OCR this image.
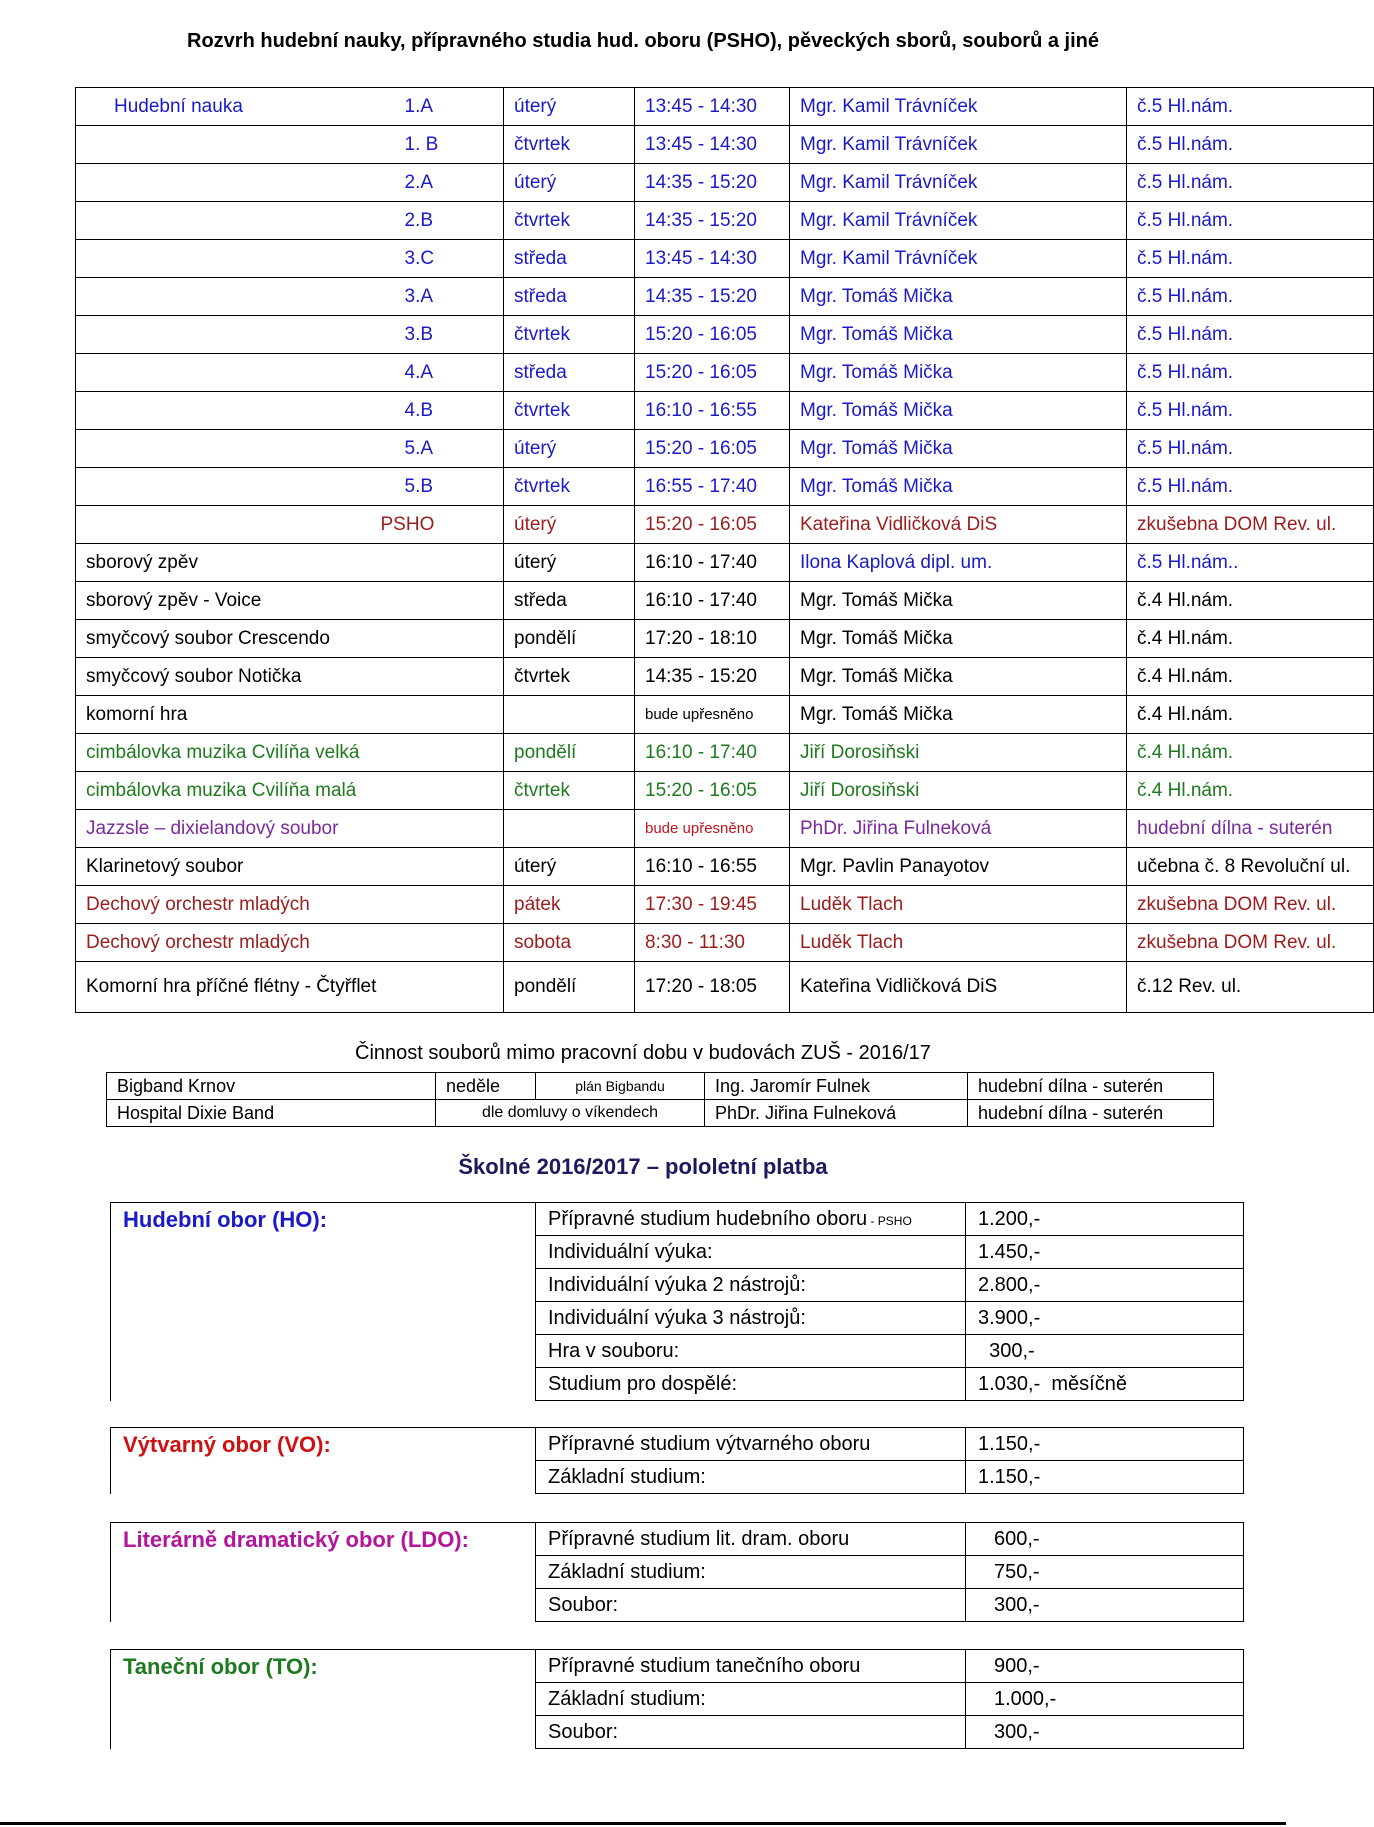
Rozvrh hudební nauky, přípravného studia hud. oboru (PSHO), pěveckých sborů, souborů a jiné
Hudební nauka	1.A	úterý	13:45 - 14:30	Mgr. Kamil Trávníček	č.5 Hl.nám.
	1. B	čtvrtek	13:45 - 14:30	Mgr. Kamil Trávníček	č.5 Hl.nám.
	2.A	úterý	14:35 - 15:20	Mgr. Kamil Trávníček	č.5 Hl.nám.
	2.B	čtvrtek	14:35 - 15:20	Mgr. Kamil Trávníček	č.5 Hl.nám.
	3.C	středa	13:45 - 14:30	Mgr. Kamil Trávníček	č.5 Hl.nám.
	3.A	středa	14:35 - 15:20	Mgr. Tomáš Mička	č.5 Hl.nám.
	3.B	čtvrtek	15:20 - 16:05	Mgr. Tomáš Mička	č.5 Hl.nám.
	4.A	středa	15:20 - 16:05	Mgr. Tomáš Mička	č.5 Hl.nám.
	4.B	čtvrtek	16:10 - 16:55	Mgr. Tomáš Mička	č.5 Hl.nám.
	5.A	úterý	15:20 - 16:05	Mgr. Tomáš Mička	č.5 Hl.nám.
	5.B	čtvrtek	16:55 - 17:40	Mgr. Tomáš Mička	č.5 Hl.nám.
	PSHO	úterý	15:20 - 16:05	Kateřina Vidličková DiS	zkušebna DOM Rev. ul.
sborový zpěv		úterý	16:10 - 17:40	Ilona Kaplová dipl. um.	č.5 Hl.nám..
sborový zpěv - Voice		středa	16:10 - 17:40	Mgr. Tomáš Mička	č.4 Hl.nám.
smyčcový soubor Crescendo		pondělí	17:20 - 18:10	Mgr. Tomáš Mička	č.4 Hl.nám.
smyčcový soubor Notička		čtvrtek	14:35 - 15:20	Mgr. Tomáš Mička	č.4 Hl.nám.
komorní hra			bude upřesněno	Mgr. Tomáš Mička	č.4 Hl.nám.
cimbálovka muzika Cvilíňa velká		pondělí	16:10 - 17:40	Jiří Dorosiňski	č.4 Hl.nám.
cimbálovka muzika Cvilíňa malá		čtvrtek	15:20 - 16:05	Jiří Dorosiňski	č.4 Hl.nám.
Jazzsle – dixielandový soubor			bude upřesněno	PhDr. Jiřina Fulneková	hudební dílna - suterén
Klarinetový soubor		úterý	16:10 - 16:55	Mgr. Pavlin Panayotov	učebna č. 8 Revoluční ul.
Dechový orchestr mladých		pátek	17:30 - 19:45	Luděk Tlach	zkušebna DOM Rev. ul.
Dechový orchestr mladých		sobota	8:30 - 11:30	Luděk Tlach	zkušebna DOM Rev. ul.
Komorní hra příčné flétny - Čtyřflet		pondělí	17:20 - 18:05	Kateřina Vidličková DiS	č.12 Rev. ul.
Činnost souborů mimo pracovní dobu v budovách ZUŠ - 2016/17
Bigband Krnov	neděle	plán Bigbandu	Ing. Jaromír Fulnek	hudební dílna - suterén
Hospital Dixie Band	dle domluvy o víkendech		PhDr. Jiřina Fulneková	hudební dílna - suterén
Školné 2016/2017 – pololetní platba
Hudební obor (HO):	Přípravné studium hudebního oboru - PSHO	1.200,-
	Individuální výuka:	1.450,-
	Individuální výuka 2 nástrojů:	2.800,-
	Individuální výuka 3 nástrojů:	3.900,-
	Hra v souboru:	300,-
	Studium pro dospělé:	1.030,-  měsíčně
Výtvarný obor (VO):	Přípravné studium výtvarného oboru	1.150,-
	Základní studium:	1.150,-
Literárně dramatický obor (LDO):	Přípravné studium lit. dram. oboru	600,-
	Základní studium:	750,-
	Soubor:	300,-
Taneční obor (TO):	Přípravné studium tanečního oboru	900,-
	Základní studium:	1.000,-
	Soubor:	300,-
